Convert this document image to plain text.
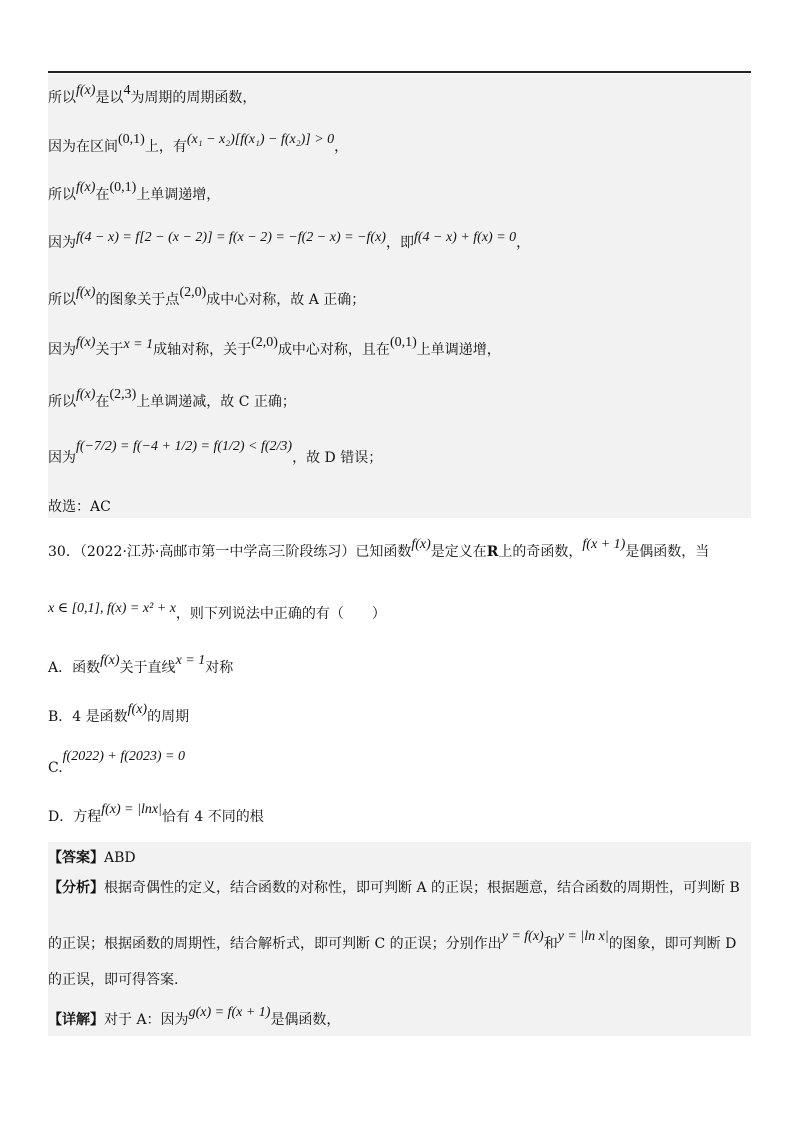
所以f(x)是以4为周期的周期函数，
因为在区间(0,1)上，有(x₁ − x₂)[f(x₁) − f(x₂)] > 0，
所以f(x)在(0,1)上单调递增，
因为f(4 − x) = f[2 − (x − 2)] = f(x − 2) = −f(2 − x) = −f(x)，即f(4 − x) + f(x) = 0，
所以f(x)的图象关于点(2,0)成中心对称，故 A 正确；
因为f(x)关于x = 1成轴对称，关于(2,0)成中心对称，且在(0,1)上单调递增，
所以f(x)在(2,3)上单调递减，故 C 正确；
因为f(−7/2) = f(−4 + 1/2) = f(1/2) < f(2/3)，故 D 错误；
故选：AC
30．（2022·江苏·高邮市第一中学高三阶段练习）已知函数f(x)是定义在R上的奇函数，f(x + 1)是偶函数，当
x ∈ [0,1], f(x) = x² + x，则下列说法中正确的有（　　）
A．函数f(x)关于直线x = 1对称
B．4 是函数f(x)的周期
C.f(2022) + f(2023) = 0
D．方程f(x) = |lnx|恰有 4 不同的根
【答案】ABD
【分析】根据奇偶性的定义，结合函数的对称性，即可判断 A 的正误；根据题意，结合函数的周期性，可判断 B
的正误；根据函数的周期性，结合解析式，即可判断 C 的正误；分别作出y = f(x)和y = |ln x|的图象，即可判断 D
的正误，即可得答案.
【详解】对于 A：因为g(x) = f(x + 1)是偶函数，
